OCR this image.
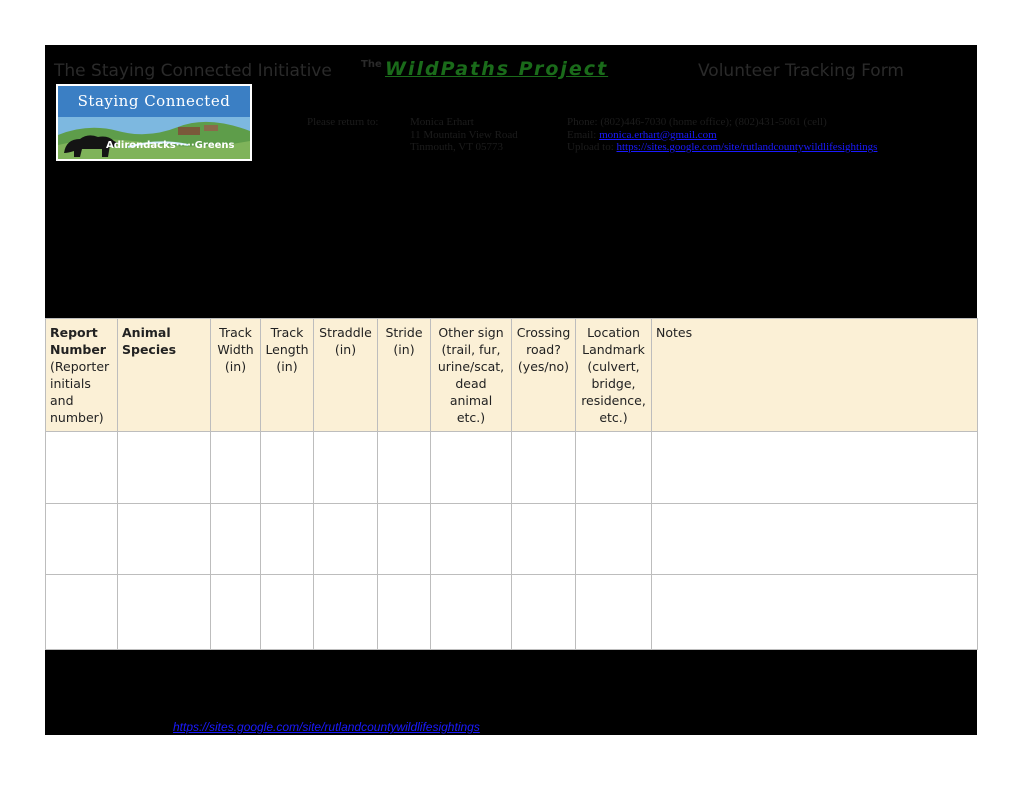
The Staying Connected Initiative	The WildPaths Project	Volunteer Tracking Form
Staying Connected
Adirondacks·····Greens
Please return to:	Monica Erhart
11 Mountain View Road
Tinmouth, VT 05773
Phone: (802)446-7030 (home office); (802)431-5061 (cell)
Email: monica.erhart@gmail.com
Upload to: https://sites.google.com/site/rutlandcountywildlifesightings
Report Number (Reporter initials and number)	Animal Species	Track Width (in)	Track Length (in)	Straddle (in)	Stride (in)	Other sign (trail, fur, urine/scat, dead animal etc.)	Crossing road? (yes/no)	Location Landmark (culvert, bridge, residence, etc.)	Notes

https://sites.google.com/site/rutlandcountywildlifesightings
